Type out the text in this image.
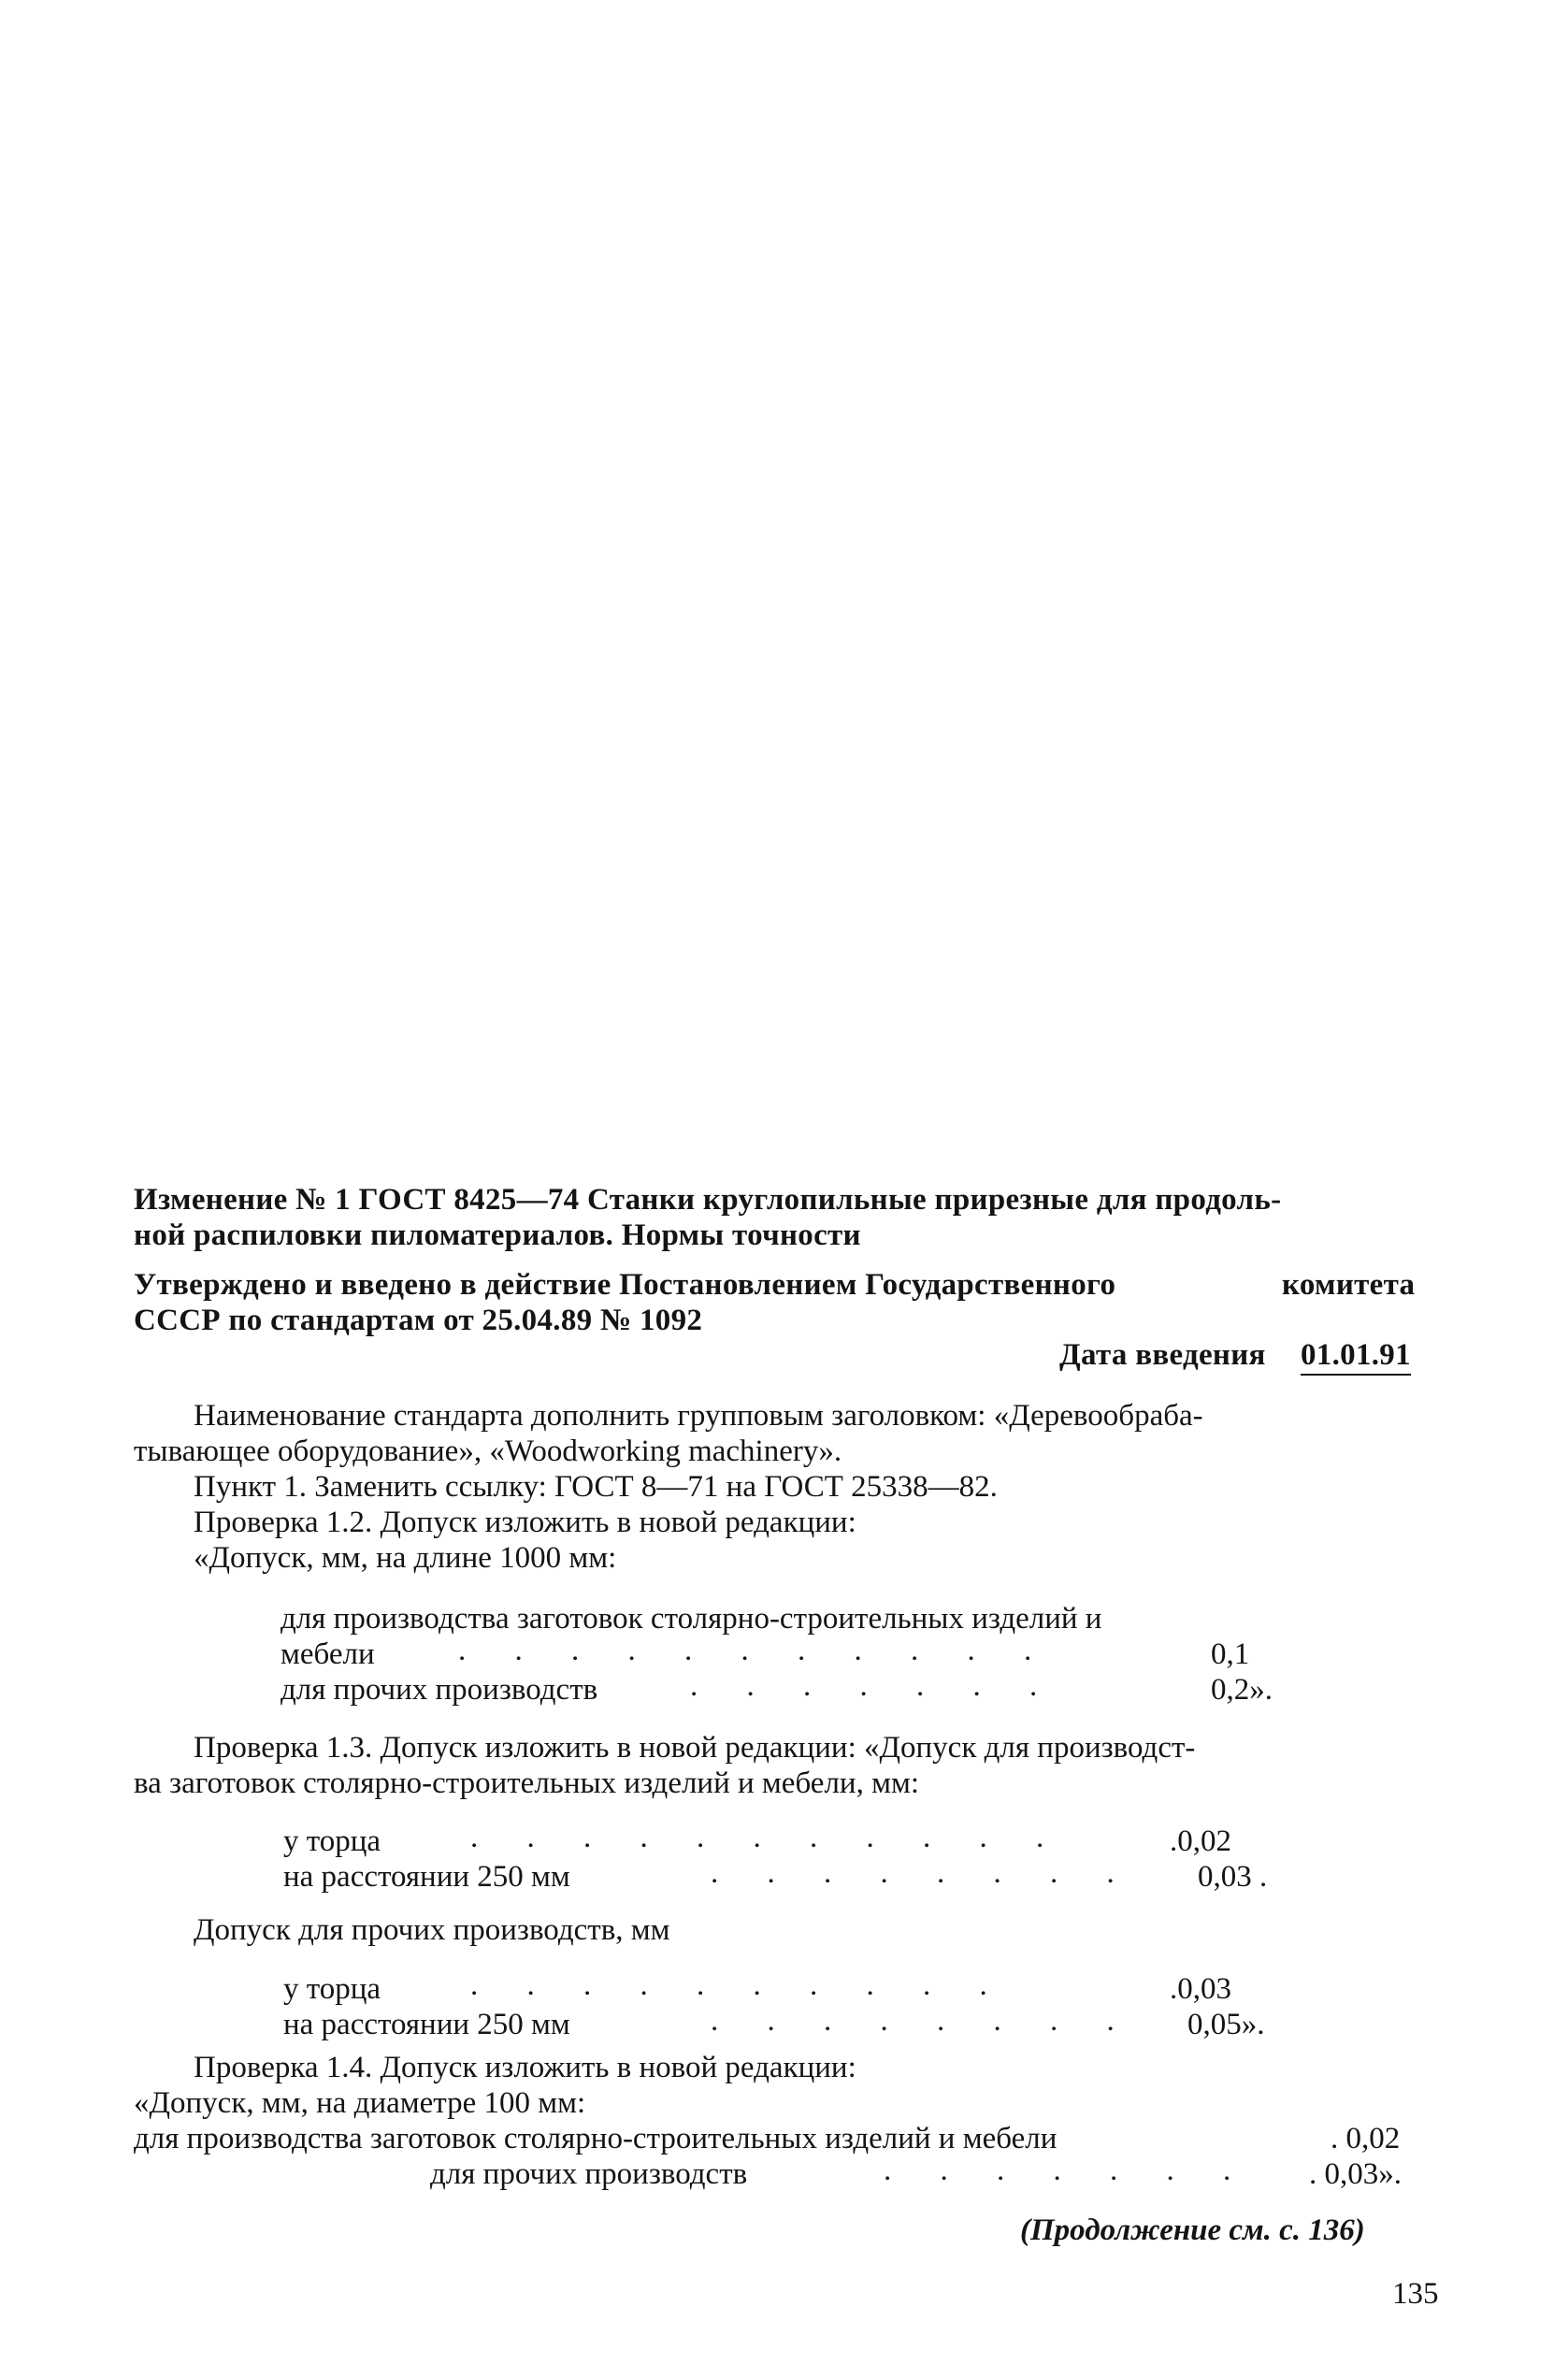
Изменение № 1 ГОСТ 8425—74 Станки круглопильные прирезные для продоль-
ной распиловки пиломатериалов. Нормы точности
Утверждено и введено в действие Постановлением Государственного	комитета
СССР по стандартам от 25.04.89 № 1092
Дата введения 01.01.91
Наименование стандарта дополнить групповым заголовком: «Деревообраба-
тывающее оборудование», «Woodworking machinery».
Пункт 1. Заменить ссылку: ГОСТ 8—71 на ГОСТ 25338—82.
Проверка 1.2. Допуск изложить в новой редакции:
«Допуск, мм, на длине 1000 мм:
для производства заготовок столярно-строительных изделий и
мебели	. . . . . . . . . . .	0,1
для прочих производств	. . . . . . .	0,2».
Проверка 1.3. Допуск изложить в новой редакции: «Допуск для производст-
ва заготовок столярно-строительных изделий и мебели, мм:
у торца	. . . . . . . . . . .	.0,02
на расстоянии 250 мм	. . . . . . . . 0,03 .
Допуск для прочих производств, мм
у торца	. . . . . . . . . .	.0,03
на расстоянии 250 мм	. . . . . . . . 0,05».
Проверка 1.4. Допуск изложить в новой редакции:
«Допуск, мм, на диаметре 100 мм:
для производства заготовок столярно-строительных изделий и мебели	. 0,02
для прочих производств	. . . . . . . . 0,03».
(Продолжение см. с. 136)
135
